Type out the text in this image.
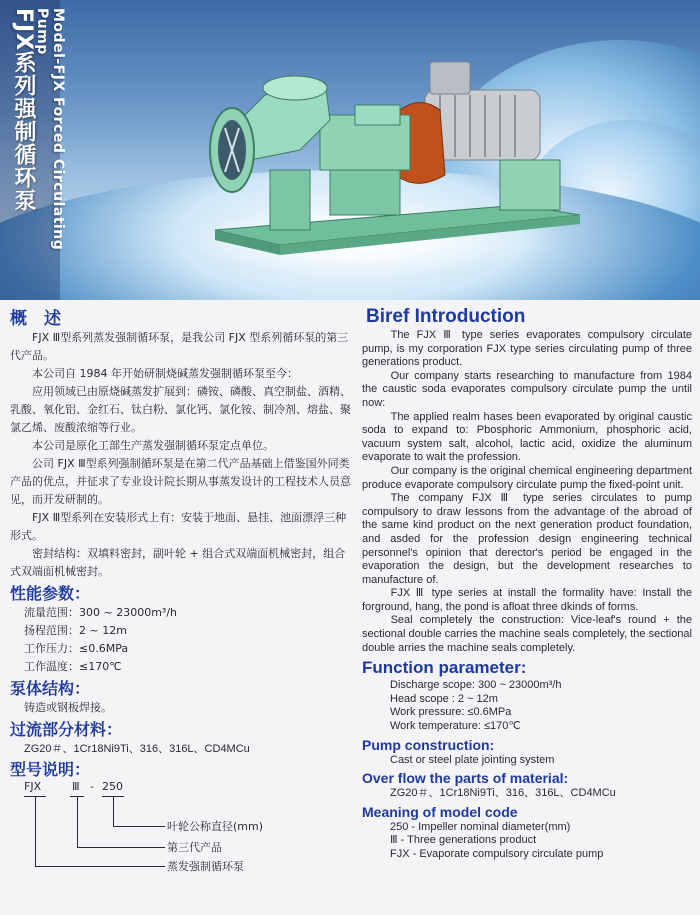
FJX系列强制循环泵	Model-FJX Forced Circulating Pump
概　述

FJX Ⅲ型系列蒸发强制循环泵，是我公司 FJX 型系列循环泵的第三代产品。

本公司自 1984 年开始研制烧碱蒸发强制循环泵至今：

应用领域已由原烧碱蒸发扩展到：磷铵、磷酸、真空制盐、酒精、乳酸、氧化铝、金红石、钛白粉、氯化钙、氯化铵、制冷剂、熔盐、聚氯乙烯、废酸浓缩等行业。

本公司是原化工部生产蒸发强制循环泵定点单位。

公司 FJX Ⅲ型系列强制循环泵是在第二代产品基础上借鉴国外同类产品的优点，并征求了专业设计院长期从事蒸发设计的工程技术人员意见，而开发研制的。

FJX Ⅲ型系列在安装形式上有：安装于地面、悬挂、池面漂浮三种形式。

密封结构：双填料密封，副叶轮 + 组合式双端面机械密封，组合式双端面机械密封。

性能参数：

流量范围：300 ~ 23000m³/h

扬程范围：2 ~ 12m

工作压力：≤0.6MPa

工作温度：≤170℃

泵体结构：

铸造或钢板焊接。

过流部分材料：

ZG20＃、1Cr18Ni9Ti、316、316L、CD4MCu

型号说明：
FJX	Ⅲ - 250
叶轮公称直径(mm)
第三代产品
蒸发强制循环泵
Biref Introduction

The FJX Ⅲ type series evaporates compulsory circulate pump, is my corporation FJX type series circulating pump of three generations product.

Our company starts researching to manufacture from 1984 the caustic soda evaporates compulsory circulate pump the until now:

The applied realm hases been evaporated by original caustic soda to expand to: Pbosphoric Ammonium, phosphoric acid, vacuum system salt, alcohol, lactic acid, oxidize the aluminum evaporate to wait the profession.

Our company is the original chemical engineering department produce evaporate compulsory circulate pump the fixed-point unit.

The company FJX Ⅲ type series circulates to pump compulsory to draw lessons from the advantage of the abroad of the same kind product on the next generation product foundation, and asded for the profession design engineering technical personnel's opinion that derector's period be engaged in the evaporation the design, but the development researches to manufacture of.

FJX Ⅲ type series at install the formality have: Install the forground, hang, the pond is afloat three dkinds of forms.

Seal completely the construction: Vice-leaf's round + the sectional double carries the machine seals completely, the sectional double arries the machine seals completely.

Function parameter:

Discharge scope: 300 ~ 23000m³/h

Head scope : 2 ~ 12m

Work pressure: ≤0.6MPa

Work temperature: ≤170℃

Pump construction:

Cast or steel plate jointing system

Over flow the parts of material:

ZG20＃、1Cr18Ni9Ti、316、316L、CD4MCu

Meaning of model code

250 - Impeller nominal diameter(mm)

Ⅲ - Three generations product

FJX - Evaporate compulsory circulate pump
